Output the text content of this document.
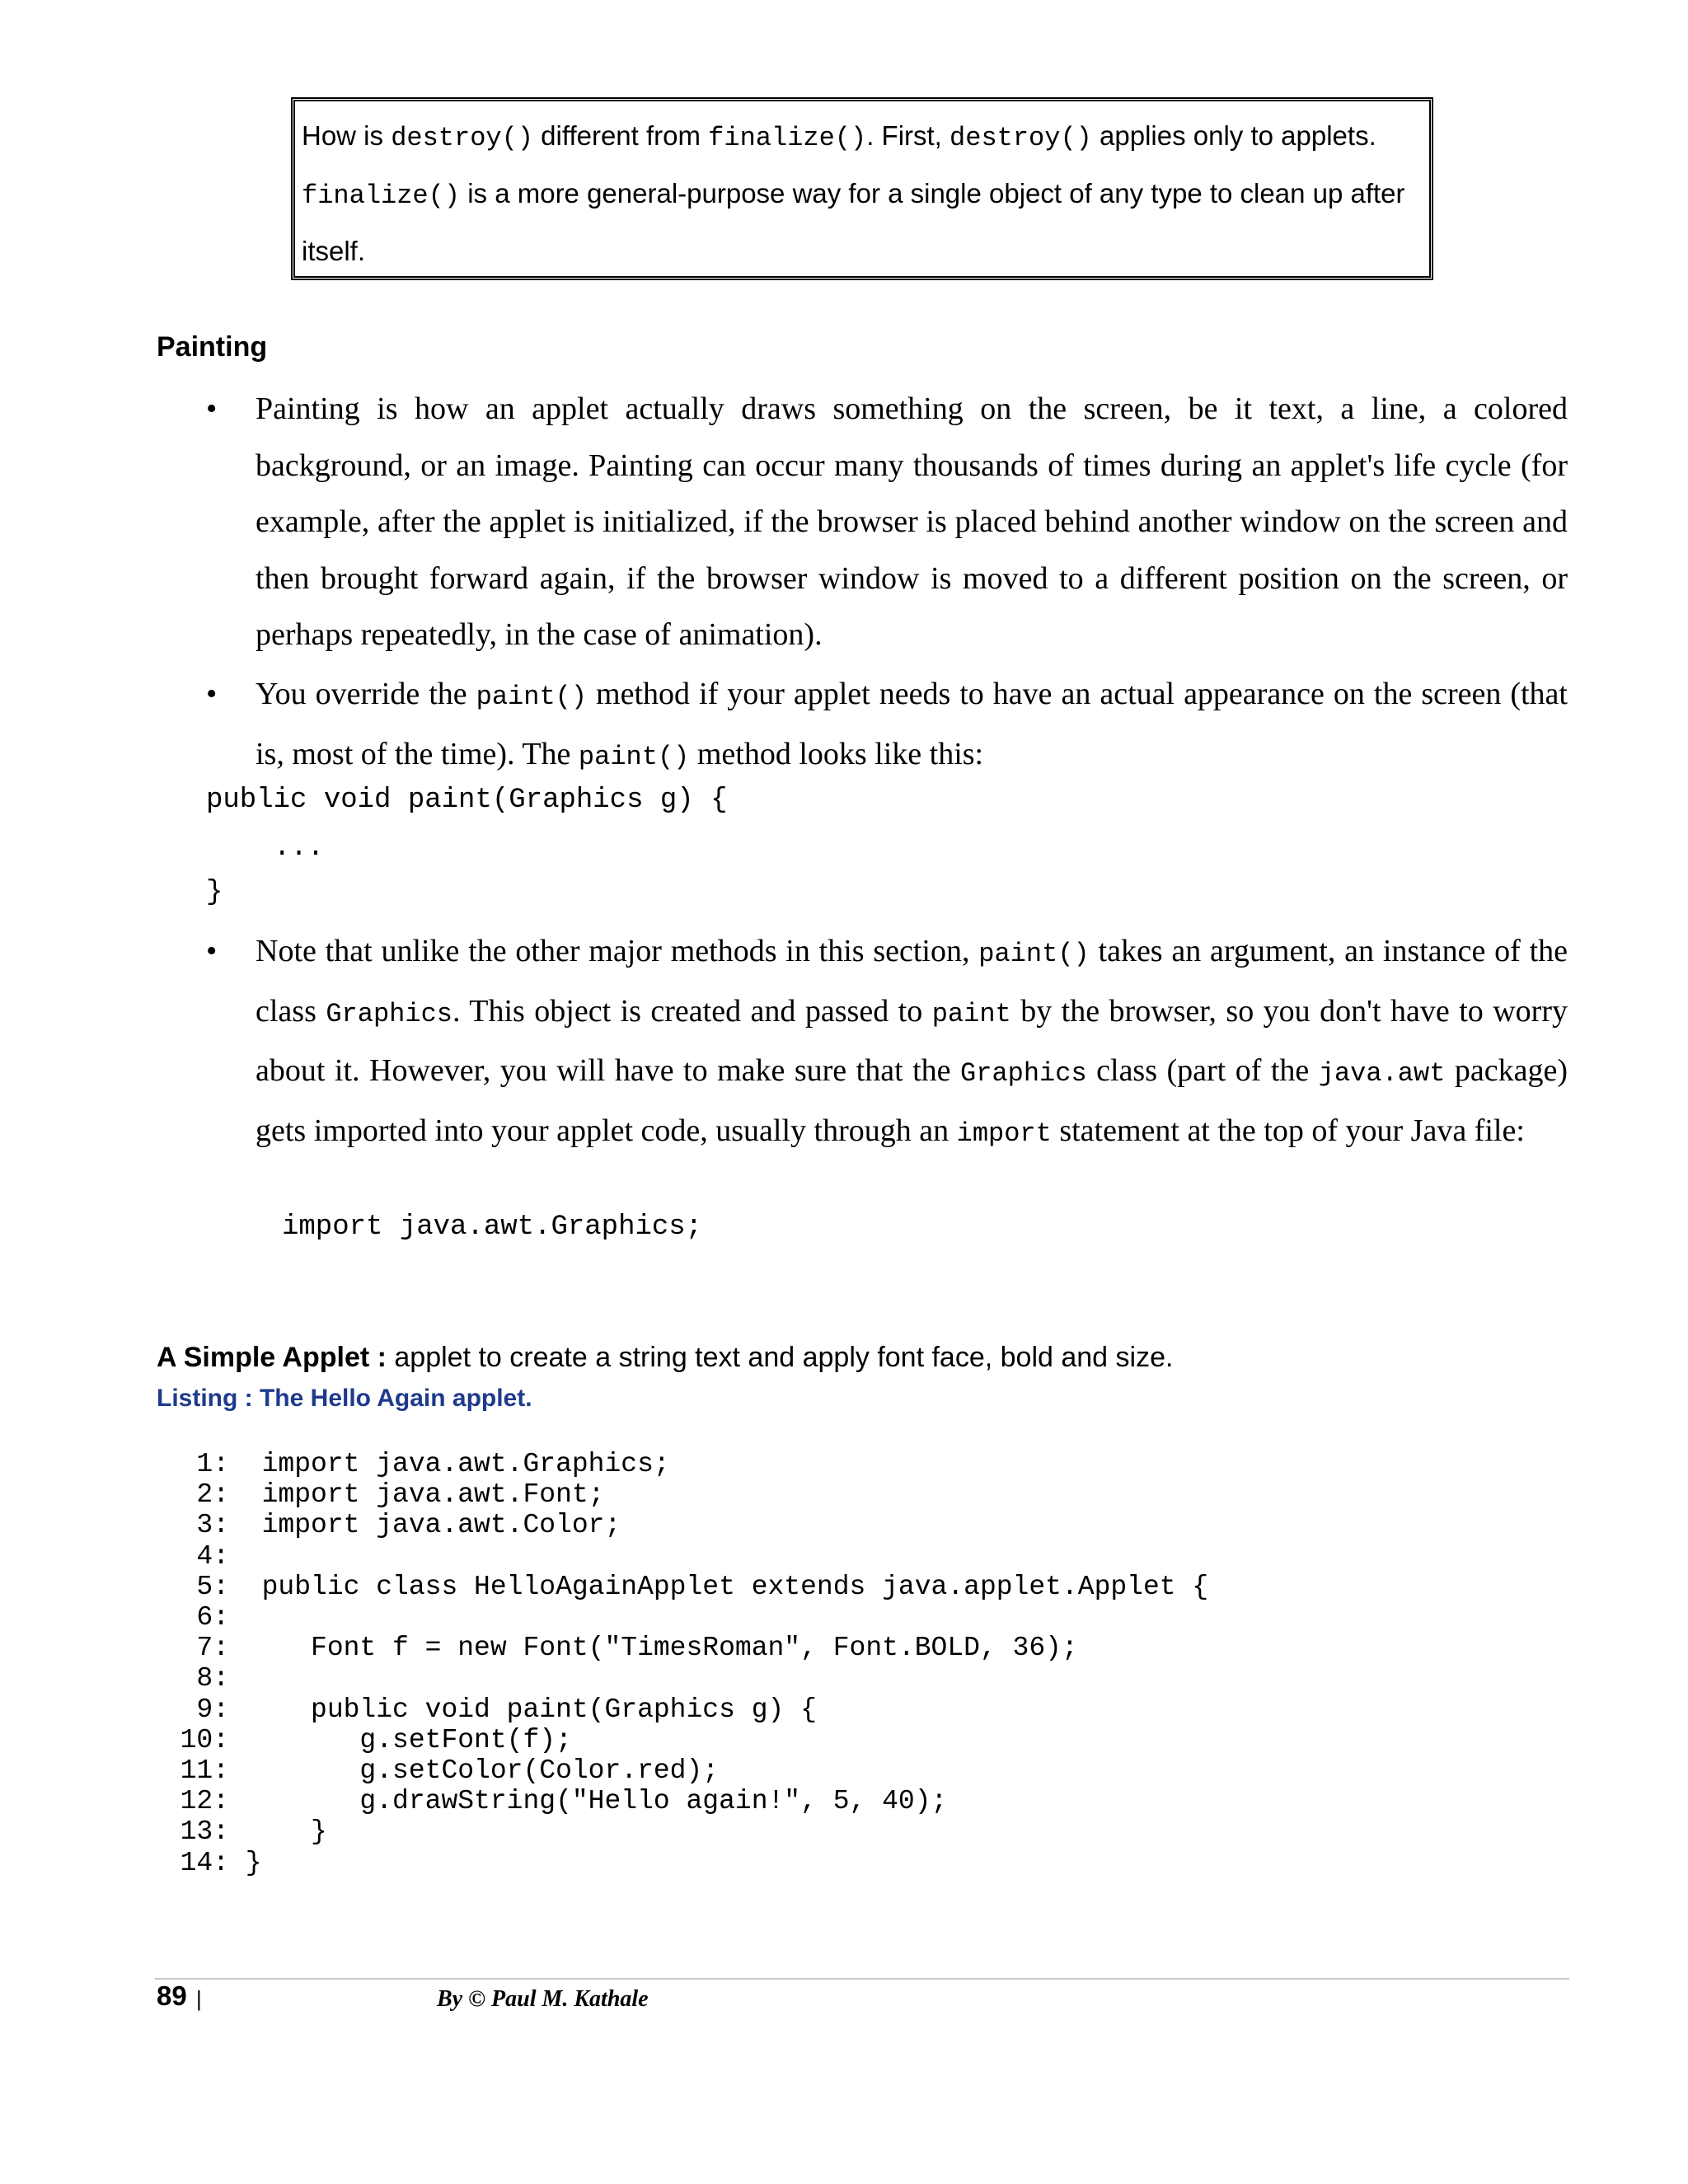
How is destroy() different from finalize(). First, destroy() applies only to applets. finalize() is a more general-purpose way for a single object of any type to clean up after itself.
Painting
• Painting is how an applet actually draws something on the screen, be it text, a line, a colored background, or an image. Painting can occur many thousands of times during an applet's life cycle (for example, after the applet is initialized, if the browser is placed behind another window on the screen and then brought forward again, if the browser window is moved to a different position on the screen, or perhaps repeatedly, in the case of animation).
• You override the paint() method if your applet needs to have an actual appearance on the screen (that is, most of the time). The paint() method looks like this:
public void paint(Graphics g) {
...
}
• Note that unlike the other major methods in this section, paint() takes an argument, an instance of the class Graphics. This object is created and passed to paint by the browser, so you don't have to worry about it. However, you will have to make sure that the Graphics class (part of the java.awt package) gets imported into your applet code, usually through an import statement at the top of your Java file:
import java.awt.Graphics;
A Simple Applet : applet to create a string text and apply font face, bold and size.
Listing : The Hello Again applet.
1: import java.awt.Graphics;
2: import java.awt.Font;
3: import java.awt.Color;
4:
5: public class HelloAgainApplet extends java.applet.Applet {
6:
7: Font f = new Font("TimesRoman", Font.BOLD, 36);
8:
9: public void paint(Graphics g) {
10: g.setFont(f);
11: g.setColor(Color.red);
12: g.drawString("Hello again!", 5, 40);
13: }
14: }
89 |	By © Paul M. Kathale
